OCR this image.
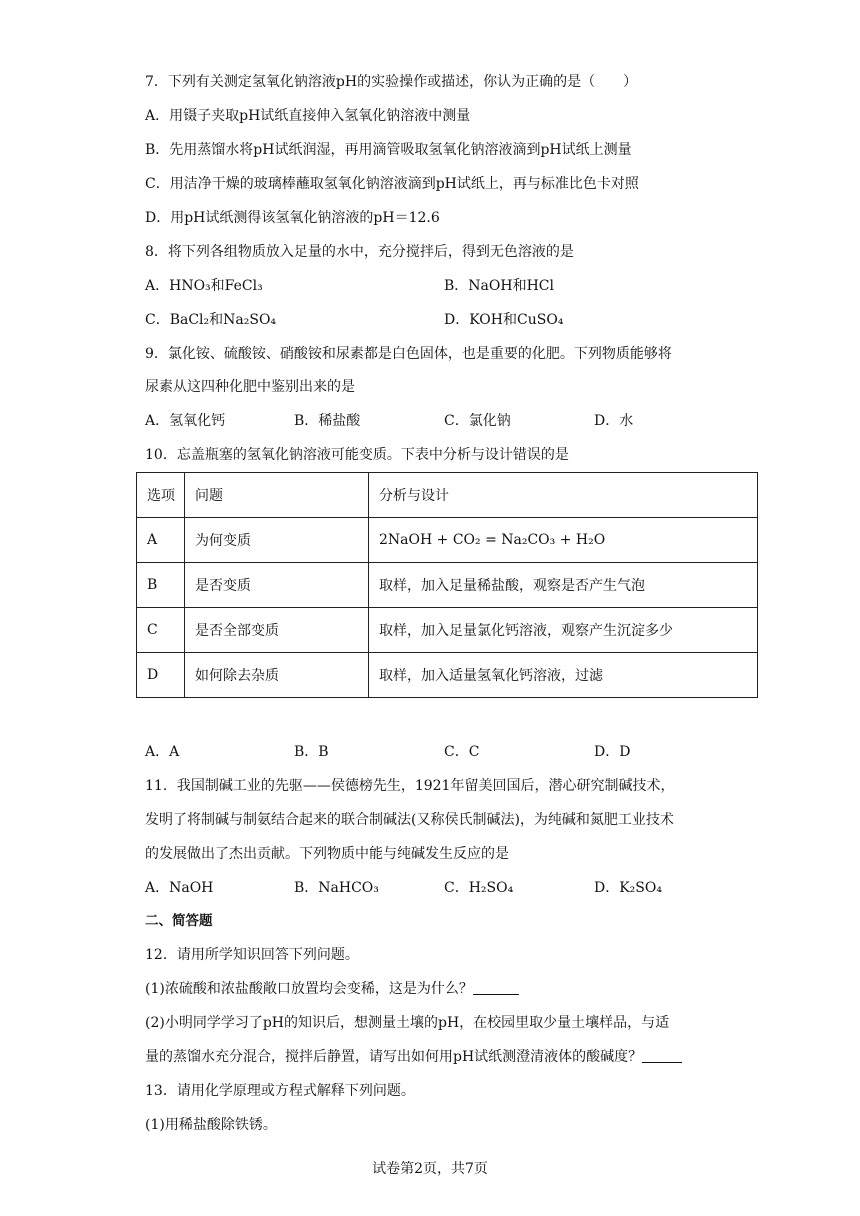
7．下列有关测定氢氧化钠溶液pH的实验操作或描述，你认为正确的是（　　）
A．用镊子夹取pH试纸直接伸入氢氧化钠溶液中测量
B．先用蒸馏水将pH试纸润湿，再用滴管吸取氢氧化钠溶液滴到pH试纸上测量
C．用洁净干燥的玻璃棒蘸取氢氧化钠溶液滴到pH试纸上，再与标准比色卡对照
D．用pH试纸测得该氢氧化钠溶液的pH＝12.6
8．将下列各组物质放入足量的水中，充分搅拌后，得到无色溶液的是
A．HNO₃和FeCl₃	B．NaOH和HCl
C．BaCl₂和Na₂SO₄	D．KOH和CuSO₄
9．氯化铵、硫酸铵、硝酸铵和尿素都是白色固体，也是重要的化肥。下列物质能够将
尿素从这四种化肥中鉴别出来的是
A．氢氧化钙	B．稀盐酸	C．氯化钠	D．水
10．忘盖瓶塞的氢氧化钠溶液可能变质。下表中分析与设计错误的是
选项	问题	分析与设计
A	为何变质	2NaOH + CO₂ = Na₂CO₃ + H₂O
B	是否变质	取样，加入足量稀盐酸，观察是否产生气泡
C	是否全部变质	取样，加入足量氯化钙溶液，观察产生沉淀多少
D	如何除去杂质	取样，加入适量氢氧化钙溶液，过滤
A．A	B．B	C．C	D．D
11．我国制碱工业的先驱——侯德榜先生，1921年留美回国后，潜心研究制碱技术，
发明了将制碱与制氨结合起来的联合制碱法(又称侯氏制碱法)，为纯碱和氮肥工业技术
的发展做出了杰出贡献。下列物质中能与纯碱发生反应的是
A．NaOH	B．NaHCO₃	C．H₂SO₄	D．K₂SO₄
二、简答题
12．请用所学知识回答下列问题。
(1)浓硫酸和浓盐酸敞口放置均会变稀，这是为什么？
(2)小明同学学习了pH的知识后，想测量土壤的pH，在校园里取少量土壤样品，与适
量的蒸馏水充分混合，搅拌后静置，请写出如何用pH试纸测澄清液体的酸碱度？
13．请用化学原理或方程式解释下列问题。
(1)用稀盐酸除铁锈。
试卷第2页，共7页
